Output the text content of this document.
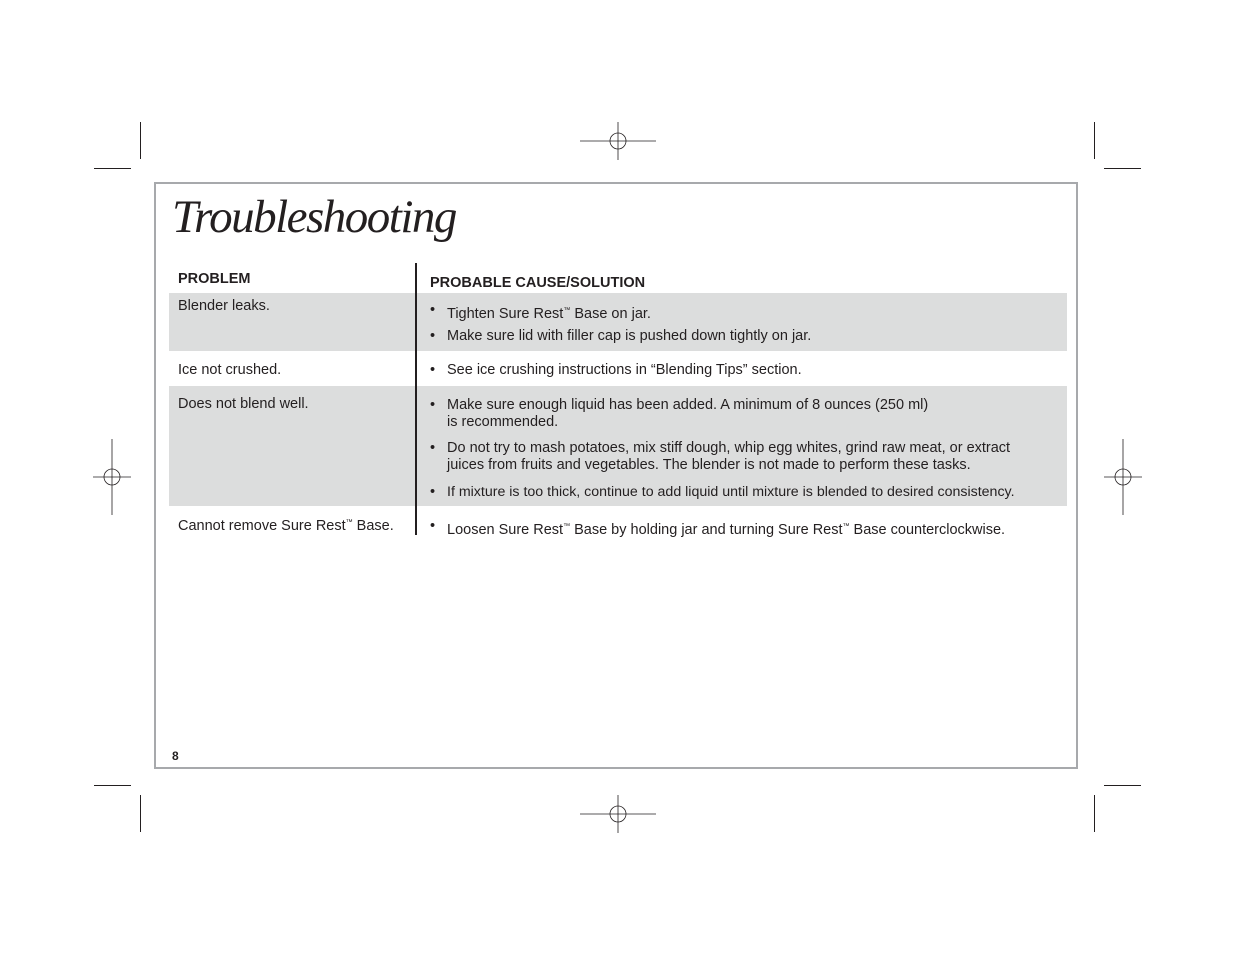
Troubleshooting
PROBLEM	PROBABLE CAUSE/SOLUTION
Blender leaks.	• Tighten Sure Rest™ Base on jar.
• Make sure lid with filler cap is pushed down tightly on jar.
Ice not crushed.	• See ice crushing instructions in “Blending Tips” section.
Does not blend well.	• Make sure enough liquid has been added. A minimum of 8 ounces (250 ml)
is recommended.
• Do not try to mash potatoes, mix stiff dough, whip egg whites, grind raw meat, or extract
juices from fruits and vegetables. The blender is not made to perform these tasks.
• If mixture is too thick, continue to add liquid until mixture is blended to desired consistency.
Cannot remove Sure Rest™ Base.	• Loosen Sure Rest™ Base by holding jar and turning Sure Rest™ Base counterclockwise.
8
